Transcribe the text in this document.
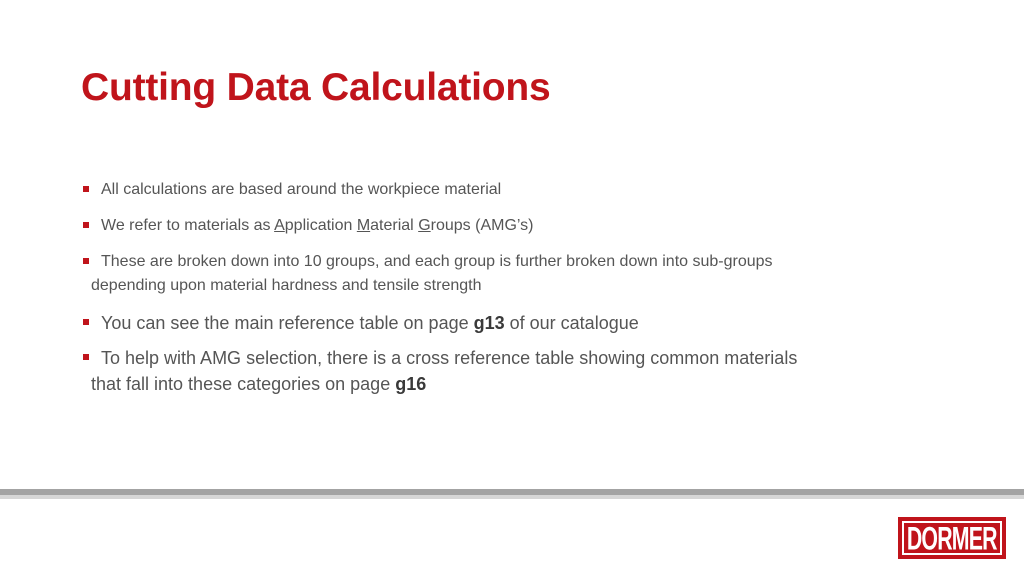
Cutting Data Calculations
All calculations are based around the workpiece material
We refer to materials as Application Material Groups (AMG’s)
These are broken down into 10 groups, and each group is further broken down into sub-groups
depending upon material hardness and tensile strength
You can see the main reference table on page g13 of our catalogue
To help with AMG selection, there is a cross reference table showing common materials
that fall into these categories on page g16
DORMER
